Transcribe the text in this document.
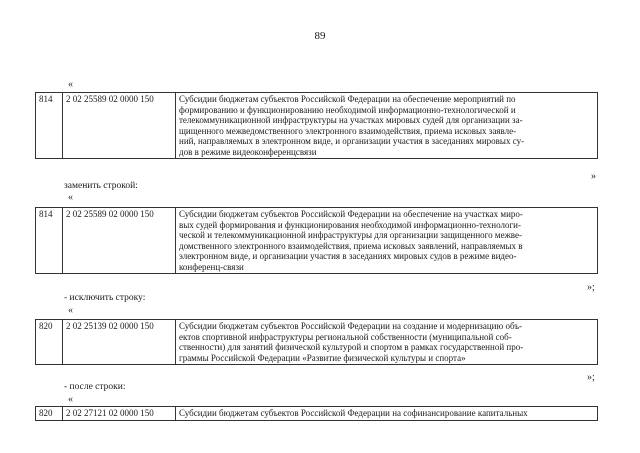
89
«
814	2 02 25589 02 0000 150	Субсидии бюджетам субъектов Российской Федерации на обеспечение мероприятий по
формированию и функционированию необходимой информационно-технологической и
телекоммуникационной инфраструктуры на участках мировых судей для организации за-
щищенного межведомственного электронного взаимодействия, приема исковых заявле-
ний, направляемых в электронном виде, и организации участия в заседаниях мировых су-
дов в режиме видеоконференцсвязи
»
заменить строкой:
«
814	2 02 25589 02 0000 150	Субсидии бюджетам субъектов Российской Федерации на обеспечение на участках миро-
вых судей формирования и функционирования необходимой информационно-технологи-
ческой и телекоммуникационной инфраструктуры для организации защищенного межве-
домственного электронного взаимодействия, приема исковых заявлений, направляемых в
электронном виде, и организации участия в заседаниях мировых судов в режиме видео-
конференц-связи
»;
- исключить строку:
«
820	2 02 25139 02 0000 150	Субсидии бюджетам субъектов Российской Федерации на создание и модернизацию объ-
ектов спортивной инфраструктуры региональной собственности (муниципальной соб-
ственности) для занятий физической культурой и спортом в рамках государственной про-
граммы Российской Федерации «Развитие физической культуры и спорта»
»;
- после строки:
«
820	2 02 27121 02 0000 150	Субсидии бюджетам субъектов Российской Федерации на софинансирование капитальных
